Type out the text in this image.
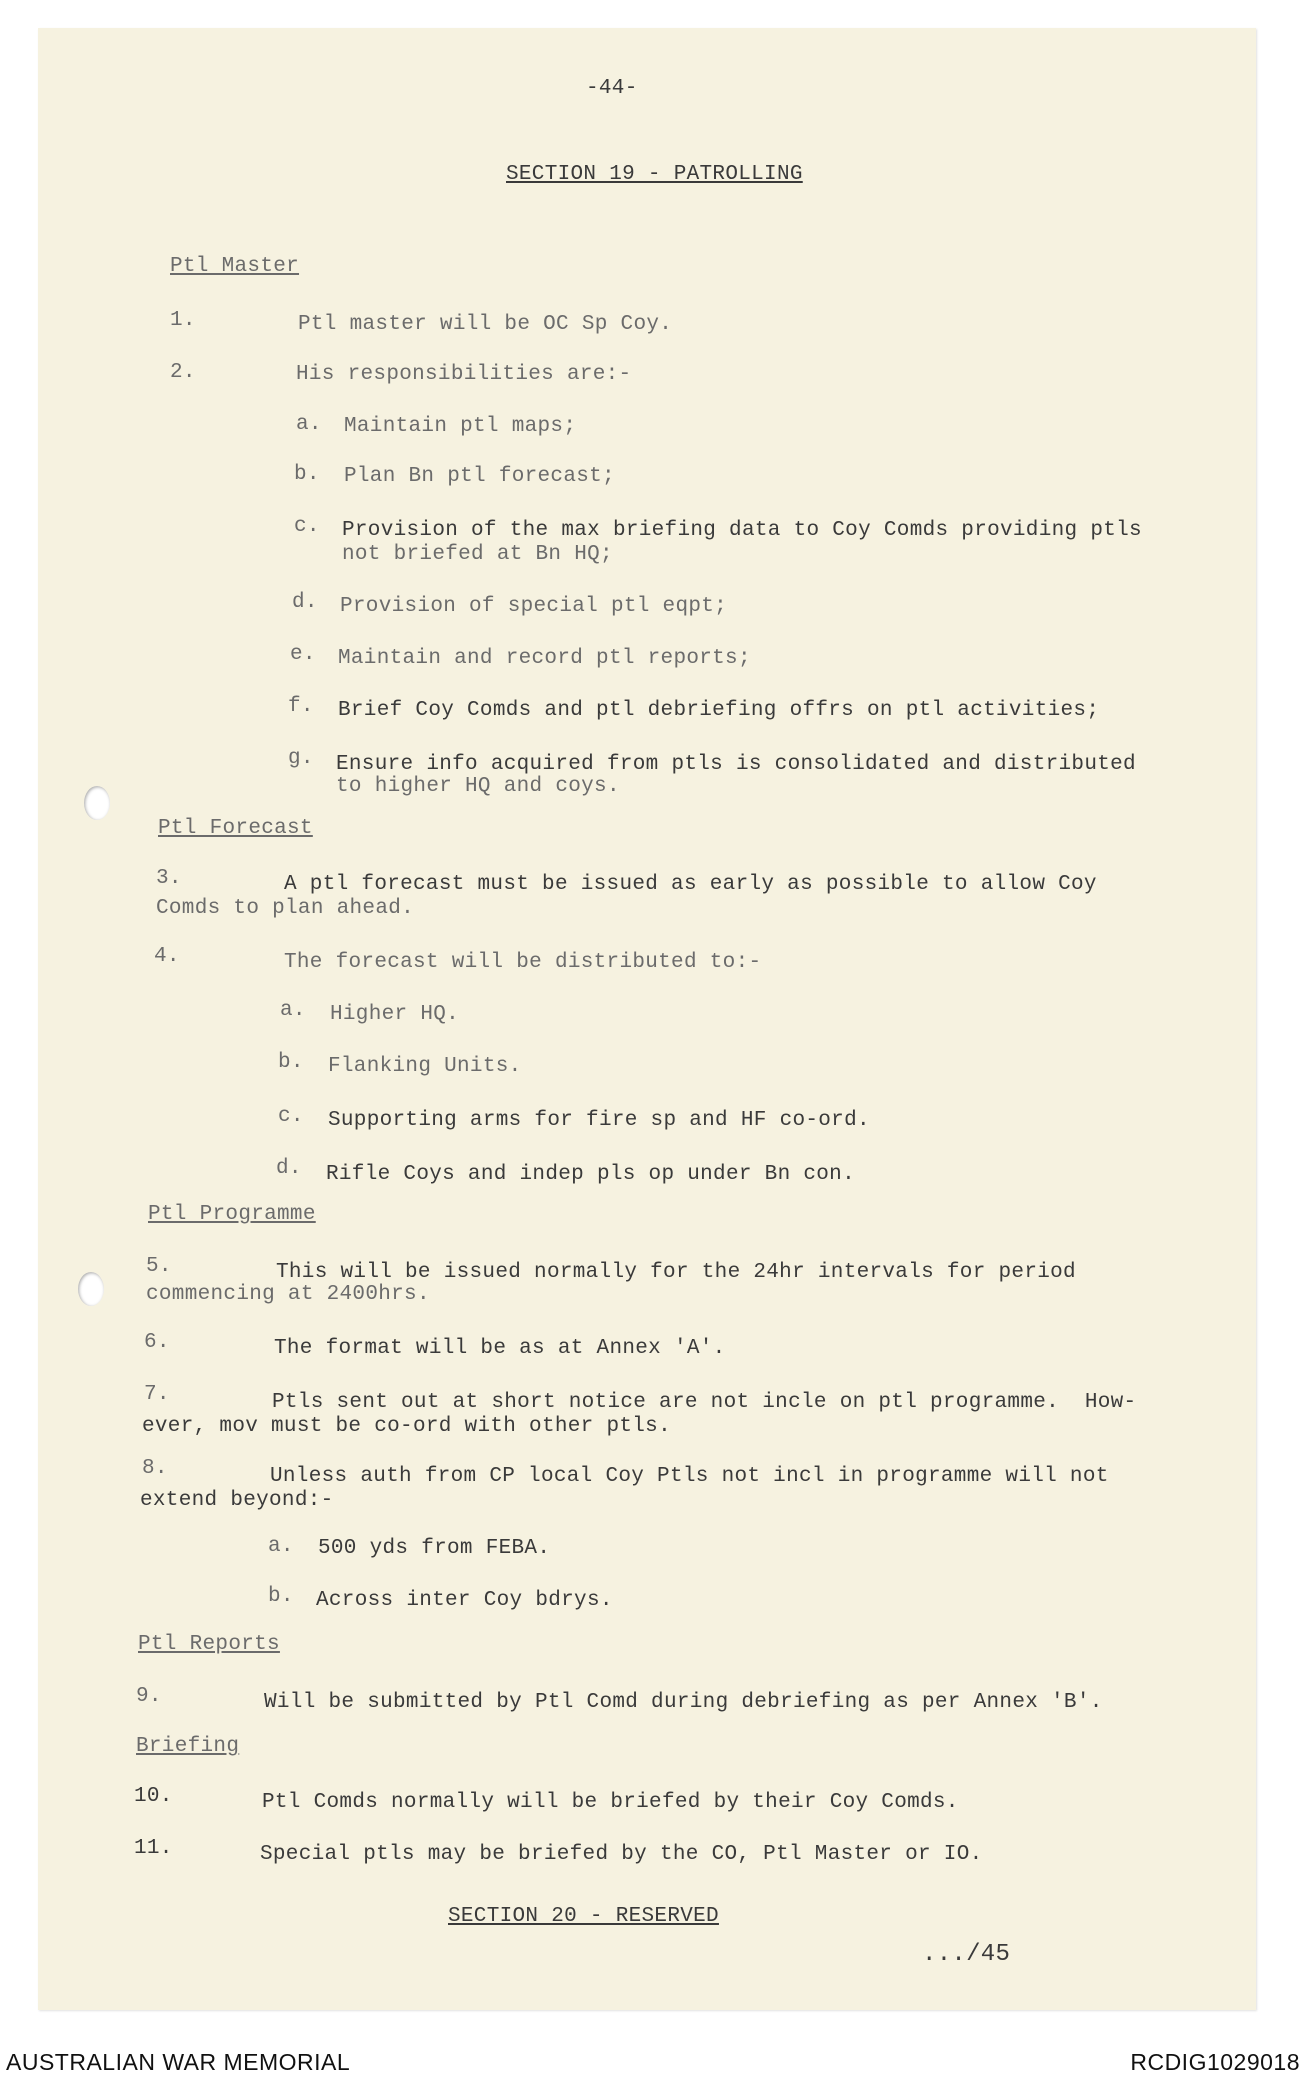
-44-
SECTION 19 - PATROLLING
Ptl Master
1.	Ptl master will be OC Sp Coy.
2.	His responsibilities are:-
a. Maintain ptl maps;
b. Plan Bn ptl forecast;
c. Provision of the max briefing data to Coy Comds providing ptls
not briefed at Bn HQ;
d. Provision of special ptl eqpt;
e. Maintain and record ptl reports;
f. Brief Coy Comds and ptl debriefing offrs on ptl activities;
g. Ensure info acquired from ptls is consolidated and distributed
to higher HQ and coys.
Ptl Forecast
3.	A ptl forecast must be issued as early as possible to allow Coy
Comds to plan ahead.
4.	The forecast will be distributed to:-
a. Higher HQ.
b. Flanking Units.
c. Supporting arms for fire sp and HF co-ord.
d. Rifle Coys and indep pls op under Bn con.
Ptl Programme
5.	This will be issued normally for the 24hr intervals for period
commencing at 2400hrs.
6.	The format will be as at Annex 'A'.
7.	Ptls sent out at short notice are not incle on ptl programme.  How-
ever, mov must be co-ord with other ptls.
8.	Unless auth from CP local Coy Ptls not incl in programme will not
extend beyond:-
a. 500 yds from FEBA.
b. Across inter Coy bdrys.
Ptl Reports
9.	Will be submitted by Ptl Comd during debriefing as per Annex 'B'.
Briefing
10.	Ptl Comds normally will be briefed by their Coy Comds.
11.	Special ptls may be briefed by the CO, Ptl Master or IO.
SECTION 20 - RESERVED
.../45
AUSTRALIAN WAR MEMORIAL	RCDIG1029018
